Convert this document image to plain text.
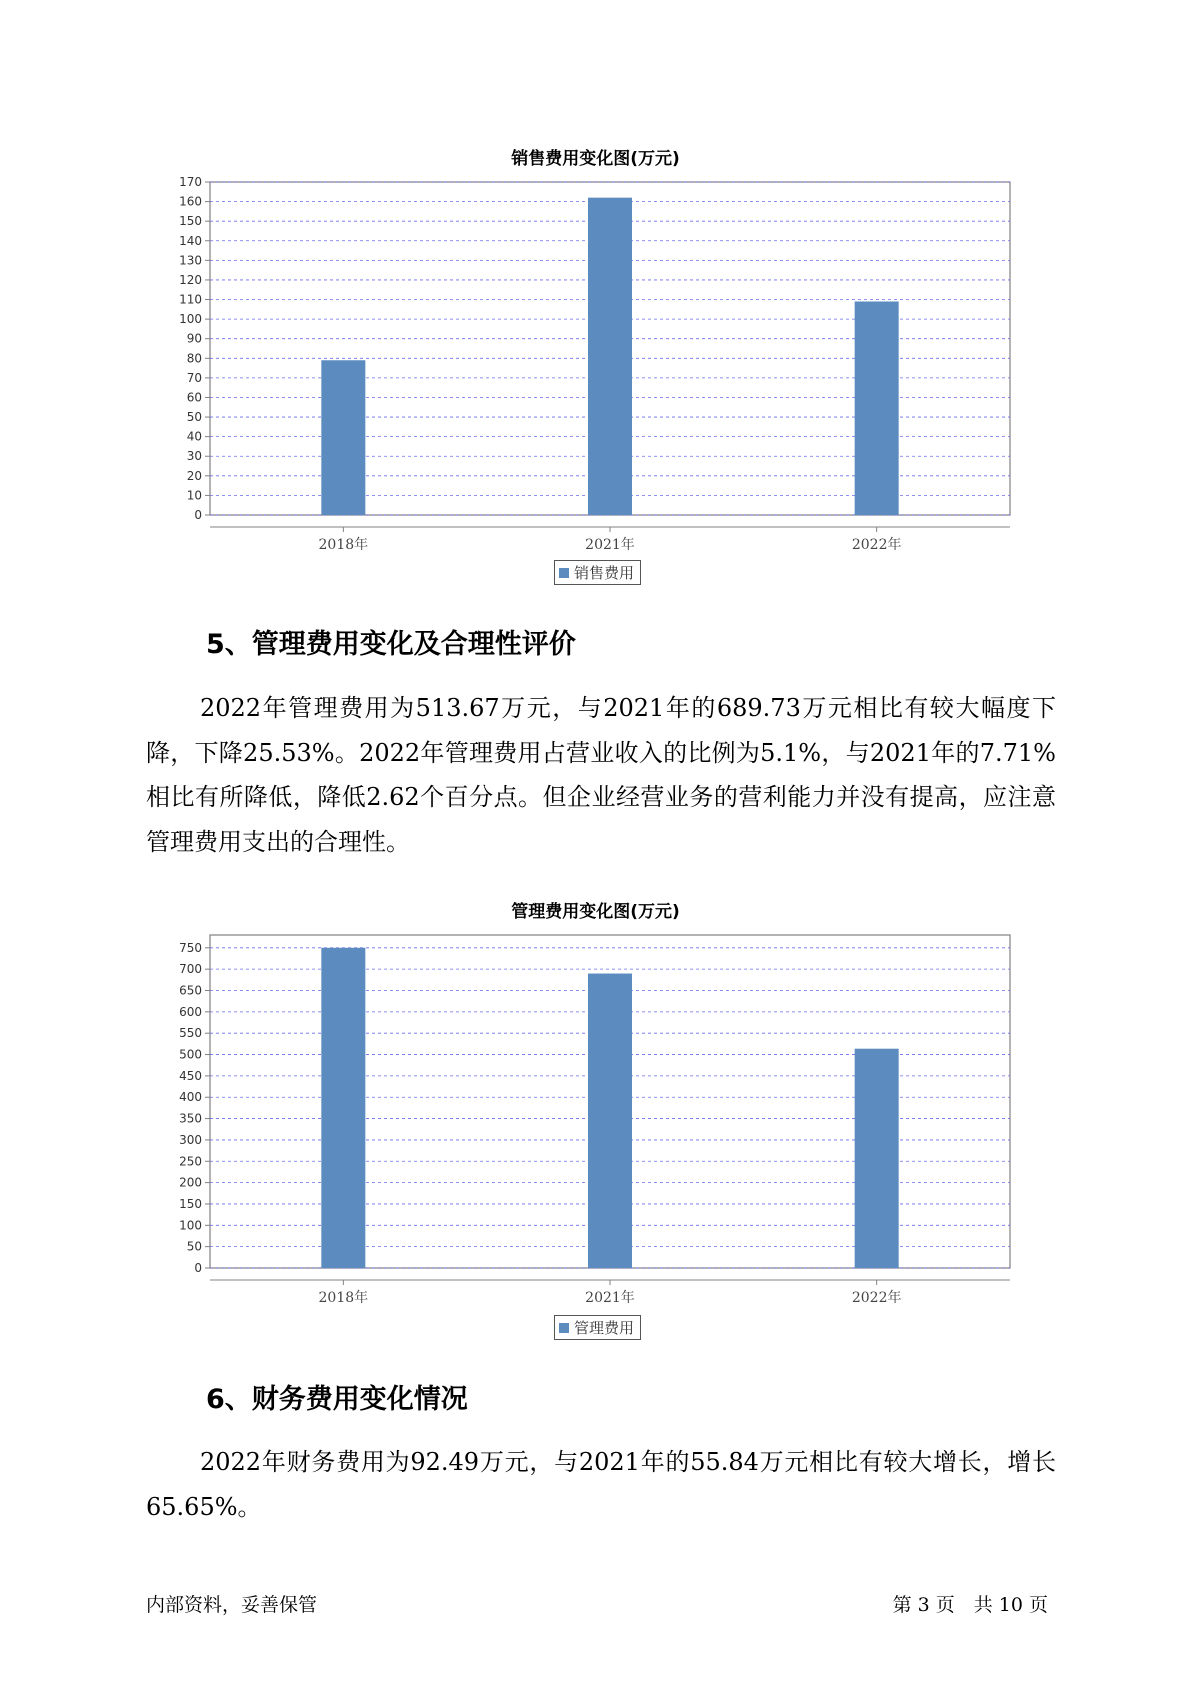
销售费用变化图(万元)
0
10
20
30
40
50
60
70
80
90
100
110
120
130
140
150
160
170
2018年	2021年	2022年
销售费用
5、管理费用变化及合理性评价

2022年管理费用为513.67万元，与2021年的689.73万元相比有较大幅度下降，下降25.53%。2022年管理费用占营业收入的比例为5.1%，与2021年的7.71%相比有所降低，降低2.62个百分点。但企业经营业务的营利能力并没有提高，应注意管理费用支出的合理性。

管理费用变化图(万元)
0
50
100
150
200
250
300
350
400
450
500
550
600
650
700
750
2018年	2021年	2022年
管理费用
6、财务费用变化情况

2022年财务费用为92.49万元，与2021年的55.84万元相比有较大增长，增长65.65%。

内部资料，妥善保管	第 3 页　共 10 页
